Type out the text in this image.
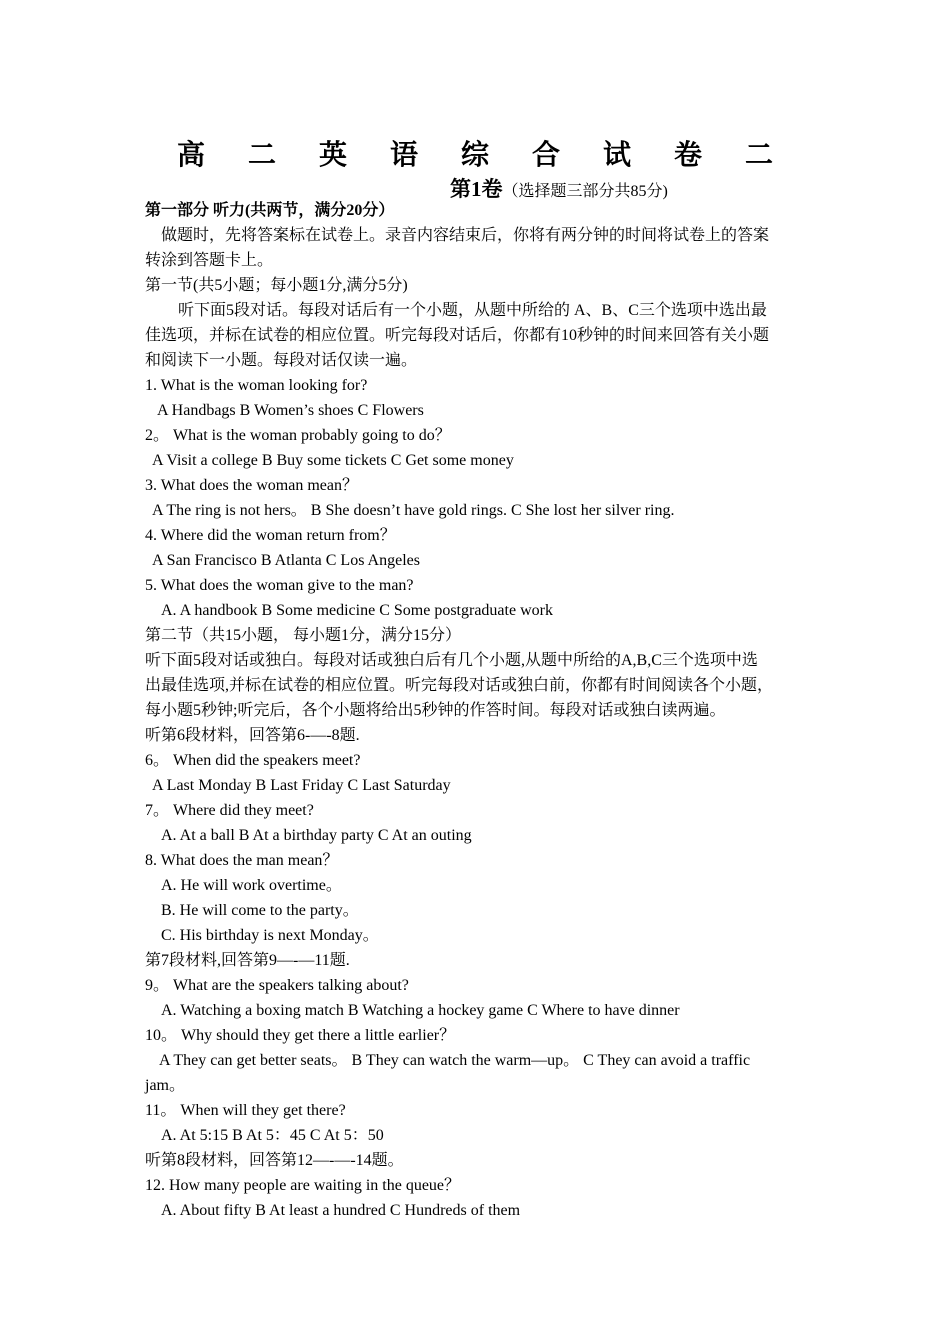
高 二 英 语 综 合 试 卷 二
第1卷（选择题三部分共85分)
第一部分 听力(共两节，满分20分）
做题时，先将答案标在试卷上。录音内容结束后，你将有两分钟的时间将试卷上的答案
转涂到答题卡上。
第一节(共5小题；每小题1分,满分5分)
听下面5段对话。每段对话后有一个小题，从题中所给的 A、B、C三个选项中选出最
佳选项，并标在试卷的相应位置。听完每段对话后，你都有10秒钟的时间来回答有关小题
和阅读下一小题。每段对话仅读一遍。
1. What is the woman looking for?
A Handbags B Women’s shoes C Flowers
2。 What is the woman probably going to do？
A Visit a college B Buy some tickets C Get some money
3. What does the woman mean？
A The ring is not hers。 B She doesn’t have gold rings. C She lost her silver ring.
4. Where did the woman return from？
A San Francisco B Atlanta C Los Angeles
5. What does the woman give to the man?
A. A handbook B Some medicine C Some postgraduate work
第二节（共15小题， 每小题1分，满分15分）
听下面5段对话或独白。每段对话或独白后有几个小题,从题中所给的A,B,C三个选项中选
出最佳选项,并标在试卷的相应位置。听完每段对话或独白前，你都有时间阅读各个小题，
每小题5秒钟;听完后，各个小题将给出5秒钟的作答时间。每段对话或独白读两遍。
听第6段材料，回答第6-—-8题.
6。 When did the speakers meet?
A Last Monday B Last Friday C Last Saturday
7。 Where did they meet?
A. At a ball B At a birthday party C At an outing
8. What does the man mean？
A. He will work overtime。
B. He will come to the party。
C. His birthday is next Monday。
第7段材料,回答第9—-—11题.
9。 What are the speakers talking about?
A. Watching a boxing match B Watching a hockey game C Where to have dinner
10。 Why should they get there a little earlier？
A They can get better seats。 B They can watch the warm—up。 C They can avoid a traffic
jam。
11。 When will they get there?
A. At 5:15 B At 5：45 C At 5：50
听第8段材料，回答第12—-—-14题。
12. How many people are waiting in the queue？
A. About fifty B At least a hundred C Hundreds of them
